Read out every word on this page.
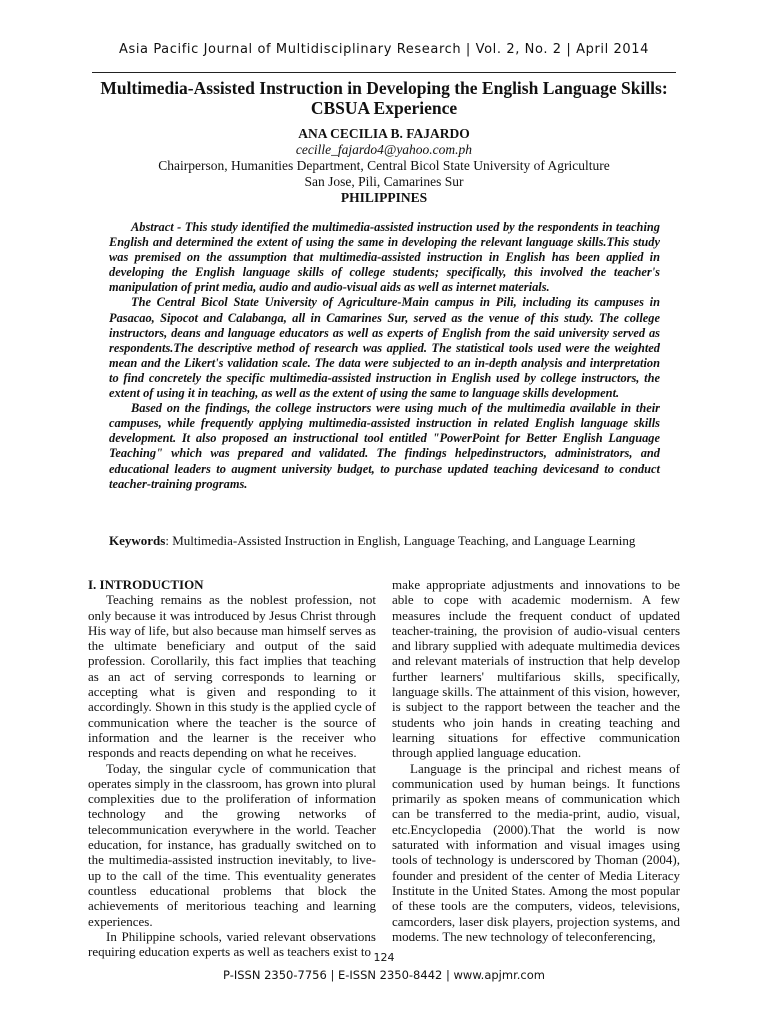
Asia Pacific Journal of Multidisciplinary Research | Vol. 2, No. 2 | April 2014
Multimedia-Assisted Instruction in Developing the English Language Skills:
CBSUA Experience
ANA CECILIA B. FAJARDO
cecille_fajardo4@yahoo.com.ph
Chairperson, Humanities Department, Central Bicol State University of Agriculture
San Jose, Pili, Camarines Sur
PHILIPPINES

Abstract - This study identified the multimedia-assisted instruction used by the respondents in teaching English and determined the extent of using the same in developing the relevant language skills.This study was premised on the assumption that multimedia-assisted instruction in English has been applied in developing the English language skills of college students; specifically, this involved the teacher's manipulation of print media, audio and audio-visual aids as well as internet materials.

The Central Bicol State University of Agriculture-Main campus in Pili, including its campuses in Pasacao, Sipocot and Calabanga, all in Camarines Sur, served as the venue of this study. The college instructors, deans and language educators as well as experts of English from the said university served as respondents.The descriptive method of research was applied. The statistical tools used were the weighted mean and the Likert's validation scale. The data were subjected to an in-depth analysis and interpretation to find concretely the specific multimedia-assisted instruction in English used by college instructors, the extent of using it in teaching, as well as the extent of using the same to language skills development.

Based on the findings, the college instructors were using much of the multimedia available in their campuses, while frequently applying multimedia-assisted instruction in related English language skills development. It also proposed an instructional tool entitled "PowerPoint for Better English Language Teaching" which was prepared and validated. The findings helpedinstructors, administrators, and educational leaders to augment university budget, to purchase updated teaching devicesand to conduct teacher-training programs.

Keywords: Multimedia-Assisted Instruction in English, Language Teaching, and Language Learning
I. INTRODUCTION

Teaching remains as the noblest profession, not only because it was introduced by Jesus Christ through His way of life, but also because man himself serves as the ultimate beneficiary and output of the said profession. Corollarily, this fact implies that teaching as an act of serving corresponds to learning or accepting what is given and responding to it accordingly. Shown in this study is the applied cycle of communication where the teacher is the source of information and the learner is the receiver who responds and reacts depending on what he receives.

Today, the singular cycle of communication that operates simply in the classroom, has grown into plural complexities due to the proliferation of information technology and the growing networks of telecommunication everywhere in the world. Teacher education, for instance, has gradually switched on to the multimedia-assisted instruction inevitably, to live-up to the call of the time. This eventuality generates countless educational problems that block the achievements of meritorious teaching and learning experiences.

In Philippine schools, varied relevant observations requiring education experts as well as teachers exist to

make appropriate adjustments and innovations to be able to cope with academic modernism. A few measures include the frequent conduct of updated teacher-training, the provision of audio-visual centers and library supplied with adequate multimedia devices and relevant materials of instruction that help develop further learners' multifarious skills, specifically, language skills. The attainment of this vision, however, is subject to the rapport between the teacher and the students who join hands in creating teaching and learning situations for effective communication through applied language education.

Language is the principal and richest means of communication used by human beings. It functions primarily as spoken means of communication which can be transferred to the media-print, audio, visual, etc.Encyclopedia (2000).That the world is now saturated with information and visual images using tools of technology is underscored by Thoman (2004), founder and president of the center of Media Literacy Institute in the United States. Among the most popular of these tools are the computers, videos, televisions, camcorders, laser disk players, projection systems, and modems. The new technology of teleconferencing,

124
P-ISSN 2350-7756 | E-ISSN 2350-8442 | www.apjmr.com
